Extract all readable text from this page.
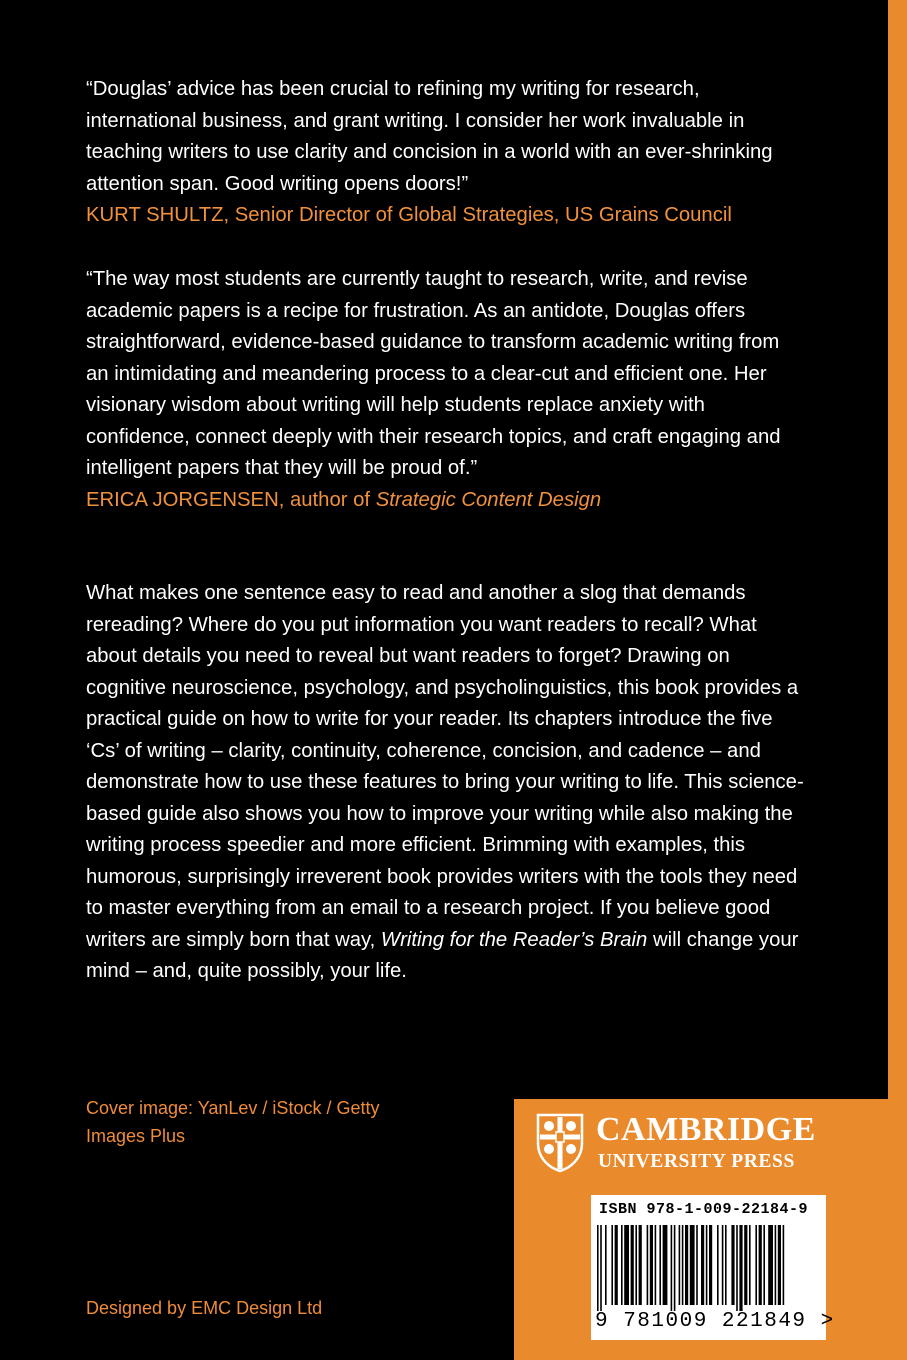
“Douglas’ advice has been crucial to refining my writing for research, international business, and grant writing. I consider her work invaluable in teaching writers to use clarity and concision in a world with an ever-shrinking attention span. Good writing opens doors!”

KURT SHULTZ, Senior Director of Global Strategies, US Grains Council

“The way most students are currently taught to research, write, and revise academic papers is a recipe for frustration. As an antidote, Douglas offers straightforward, evidence-based guidance to transform academic writing from an intimidating and meandering process to a clear-cut and efficient one. Her visionary wisdom about writing will help students replace anxiety with confidence, connect deeply with their research topics, and craft engaging and intelligent papers that they will be proud of.”

ERICA JORGENSEN, author of Strategic Content Design

What makes one sentence easy to read and another a slog that demands rereading? Where do you put information you want readers to recall? What about details you need to reveal but want readers to forget? Drawing on cognitive neuroscience, psychology, and psycholinguistics, this book provides a practical guide on how to write for your reader. Its chapters introduce the five ‘Cs’ of writing – clarity, continuity, coherence, concision, and cadence – and demonstrate how to use these features to bring your writing to life. This science-based guide also shows you how to improve your writing while also making the writing process speedier and more efficient. Brimming with examples, this humorous, surprisingly irreverent book provides writers with the tools they need to master everything from an email to a research project. If you believe good writers are simply born that way, Writing for the Reader’s Brain will change your mind – and, quite possibly, your life.

Cover image: YanLev / iStock / Getty Images Plus
Designed by EMC Design Ltd
CAMBRIDGE
UNIVERSITY PRESS
ISBN 978-1-009-22184-9
9 781009 221849 >
